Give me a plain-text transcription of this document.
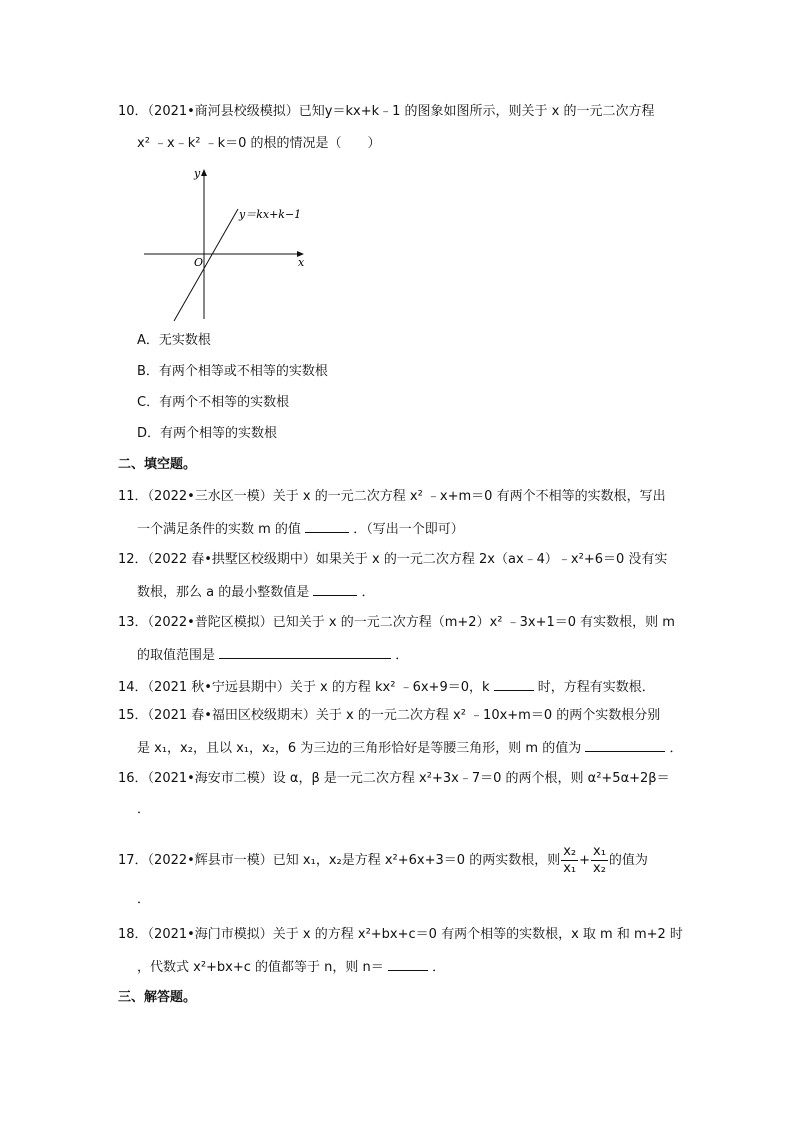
10．（2021•商河县校级模拟）已知y＝kx+k﹣1 的图象如图所示，则关于 x 的一元二次方程
x² ﹣x﹣k² ﹣k＝0 的根的情况是（　　）
y
x
O
y＝kx+k−1
A．无实数根
B．有两个相等或不相等的实数根
C．有两个不相等的实数根
D．有两个相等的实数根
二、填空题。
11．（2022•三水区一模）关于 x 的一元二次方程 x² ﹣x+m＝0 有两个不相等的实数根，写出
一个满足条件的实数 m 的值	．（写出一个即可）
12．（2022 春•拱墅区校级期中）如果关于 x 的一元二次方程 2x（ax﹣4）﹣x²+6＝0 没有实
数根，那么 a 的最小整数值是	．
13．（2022•普陀区模拟）已知关于 x 的一元二次方程（m+2）x² ﹣3x+1＝0 有实数根，则 m
的取值范围是	．
14．（2021 秋•宁远县期中）关于 x 的方程 kx² ﹣6x+9＝0，k	时，方程有实数根．
15．（2021 春•福田区校级期末）关于 x 的一元二次方程 x² ﹣10x+m＝0 的两个实数根分别
是 x₁，x₂，且以 x₁，x₂，6 为三边的三角形恰好是等腰三角形，则 m 的值为	．
16．（2021•海安市二模）设 α，β 是一元二次方程 x²+3x﹣7＝0 的两个根，则 α²+5α+2β＝
．
17．（2022•辉县市一模）已知 x₁，x₂是方程 x²+6x+3＝0 的两实数根，则 $\frac{\text{x₂}}{\text{x₁}} + \frac{\text{x₁}}{\text{x₂}}$ 的值为
．
18．（2021•海门市模拟）关于 x 的方程 x²+bx+c＝0 有两个相等的实数根，x 取 m 和 m+2 时
，代数式 x²+bx+c 的值都等于 n，则 n＝	．
三、解答题。
